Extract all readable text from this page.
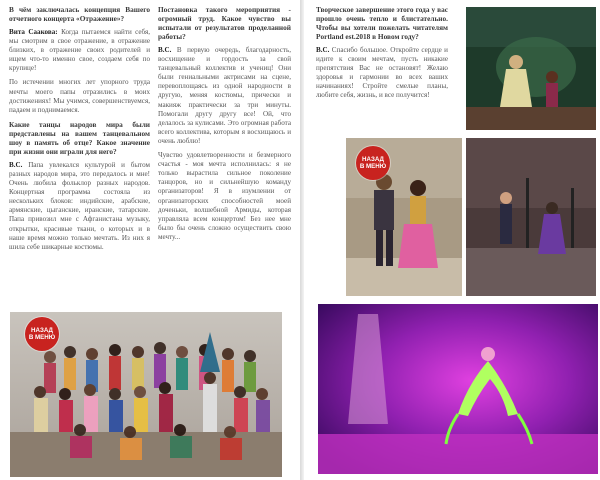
В чём заключалась концепция Вашего отчетного концерта «Отражение»?

Вита Саакова: Когда пытаемся найти себя, мы смотрим в свое отражение, в отражение близких, в отражение своих родителей и ищем что-то именно свое, создаем себя по крупице!

По истечении многих лет упорного труда мечты моего папы отразились в моих достижениях! Мы учимся, совершенствуемся, падаем и поднимаемся.

Какие танцы народов мира были представлены на вашем танцевальном шоу в память об отце? Какое значение при жизни они играли для него?

В.С. Папа увлекался культурой и бытом разных народов мира, это передалось и мне! Очень любила фольклор разных народов. Концертная программа состояла из нескольких блоков: индийские, арабские, армянские, цыганские, иранские, татарские. Папа привозил мне с Афганистана музыку, открытки, красивые ткани, о которых и в наше время можно только мечтать. Из них я шила себе шикарные костюмы.

Постановка такого мероприятия - огромный труд. Какое чувство вы испытали от результатов проделанной работы?

В.С. В первую очередь, благодарность, восхищение и гордость за свой танцевальный коллектив и учениц! Они были гениальными актрисами на сцене, перевоплощаясь из одной народности в другую, меняя костюмы, прически и макияж практически за три минуты. Помогали другу другу все! Ой, что делалось за кулисами. Это огромная работа всего коллектива, которым я восхищаюсь и очень люблю!

Чувство удовлетворенности и безмерного счастья - моя мечта исполнилась: я не только вырастила сильное поколение танцоров, но и сильнейшую команду организаторов! Я в изумлении от организаторских способностей моей доченьки, волшебной Армиды, которая управляла всем концертом! Без нее мне было бы очень сложно осуществить свою мечту...

НАЗАД
В МЕНЮ

Творческое завершение этого года у вас прошло очень тепло и блистательно. Чтобы вы хотели пожелать читателям Portland est.2018 в Новом году?

В.С. Спасибо большое. Откройте сердце и идите к своим мечтам, пусть никакие препятствия Вас не остановят! Желаю здоровья и гармонии во всех ваших начинаниях! Стройте смелые планы, любите себя, жизнь, и все получится!

НАЗАД
В МЕНЮ
